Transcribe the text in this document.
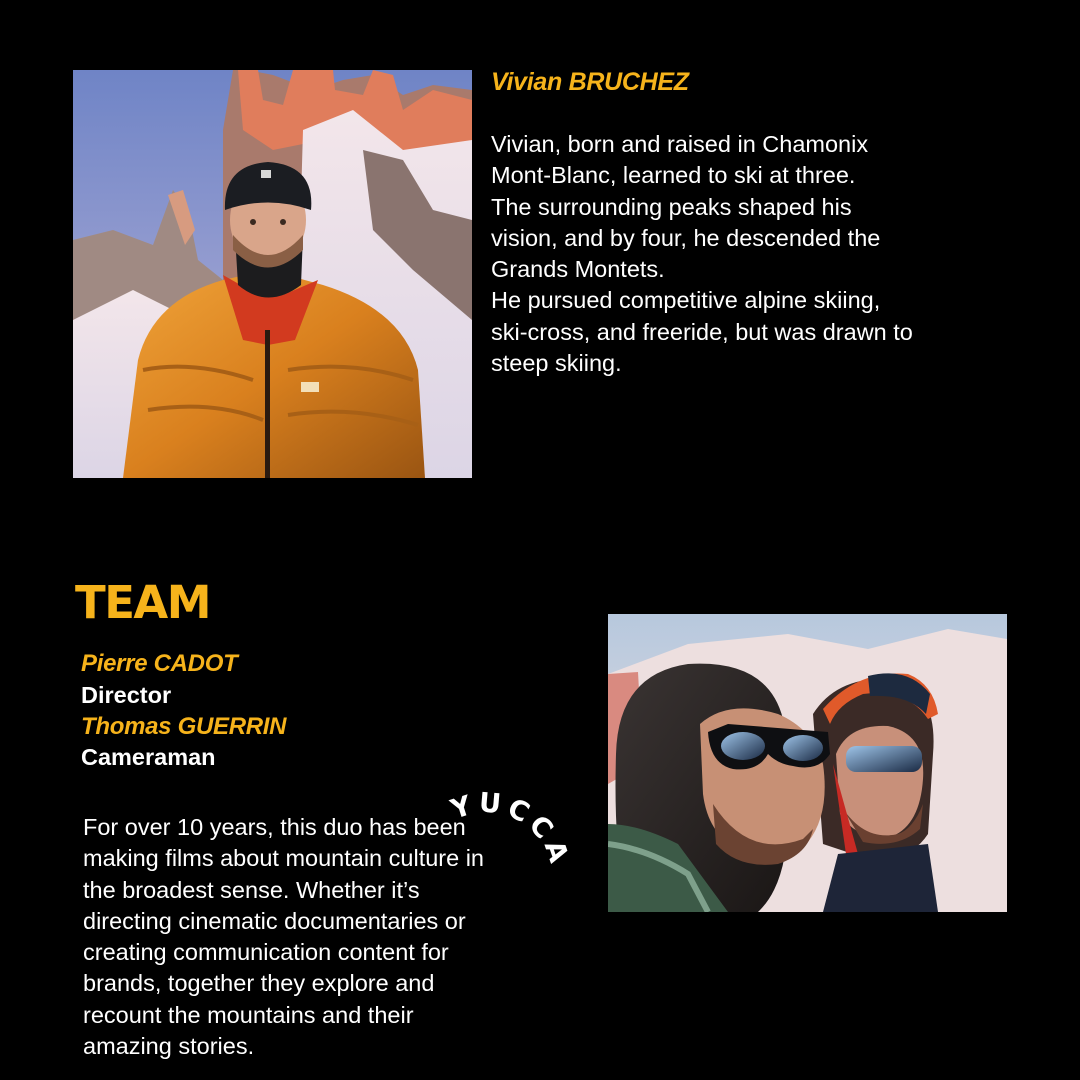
Vivian BRUCHEZ
Vivian, born and raised in Chamonix
Mont-Blanc, learned to ski at three.
The surrounding peaks shaped his
vision, and by four, he descended the
Grands Montets.
He pursued competitive alpine skiing,
ski-cross, and freeride, but was drawn to
steep skiing.
TEAM
Pierre CADOT
Director
Thomas GUERRIN
Cameraman
For over 10 years, this duo has been
making films about mountain culture in
the broadest sense. Whether it’s
directing cinematic documentaries or
creating communication content for
brands, together they explore and
recount the mountains and their
amazing stories.
YUCCA
